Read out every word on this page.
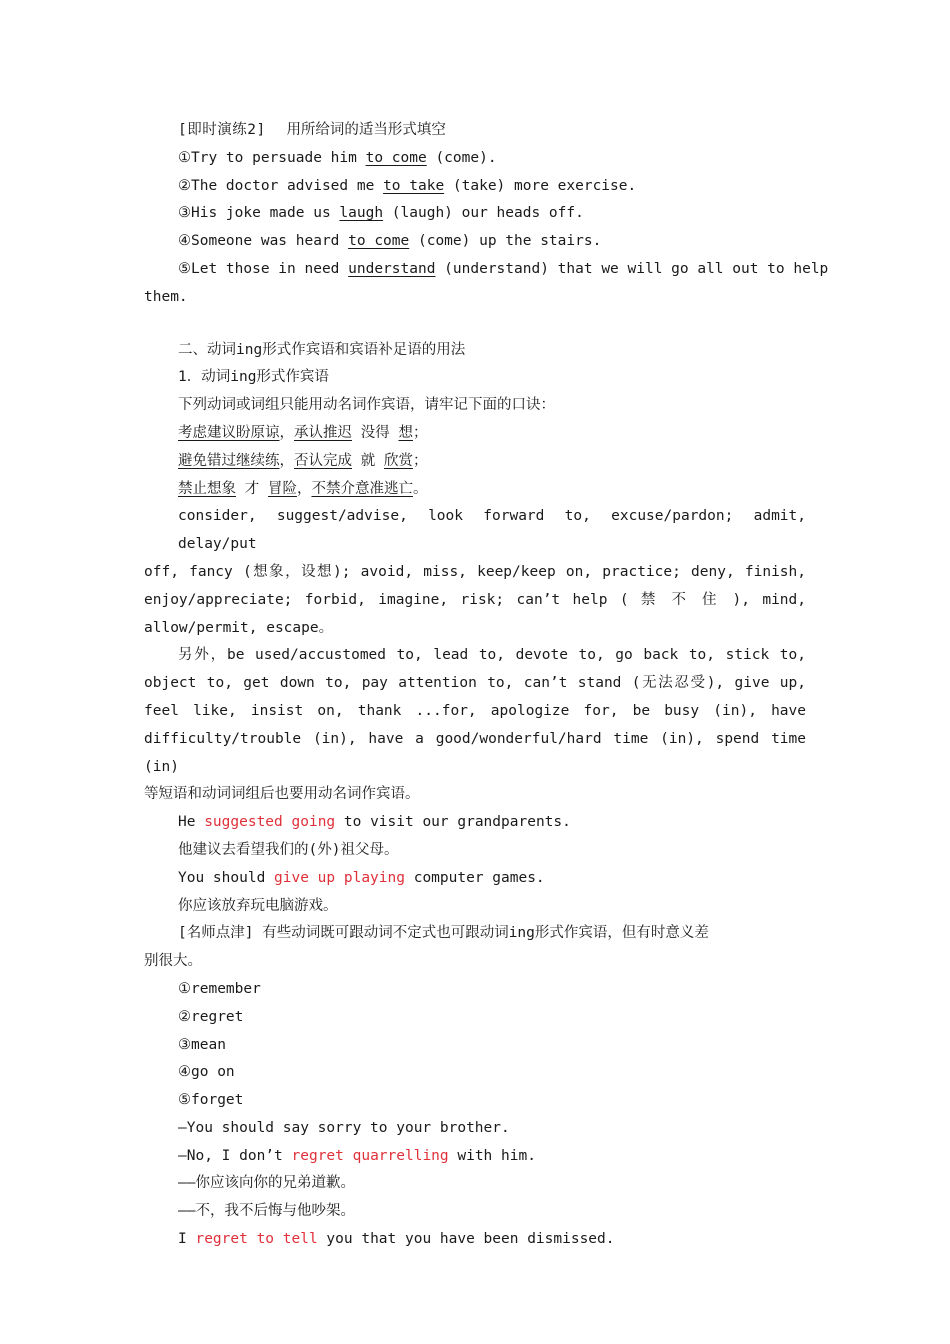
[即时演练2] 用所给词的适当形式填空
①Try to persuade him to come (come).
②The doctor advised me to take (take) more exercise.
③His joke made us laugh (laugh) our heads off.
④Someone was heard to come (come) up the stairs.
⑤Let those in need understand (understand) that we will go all out to help
them.
二、动词ing形式作宾语和宾语补足语的用法
1．动词ing形式作宾语
下列动词或词组只能用动名词作宾语，请牢记下面的口诀：
考虑建议盼原谅，承认推迟 没得 想；
避免错过继续练，否认完成 就 欣赏；
禁止想象 才 冒险，不禁介意准逃亡。
consider, suggest/advise, look forward to, excuse/pardon; admit, delay/put
off, fancy (想象，设想); avoid, miss, keep/keep on, practice; deny, finish,
enjoy/appreciate; forbid, imagine, risk; can’t help ( 禁 不 住 ), mind,
allow/permit, escape。
另外，be used/accustomed to, lead to, devote to, go back to, stick to,
object to, get down to, pay attention to, can’t stand (无法忍受), give up,
feel like, insist on, thank ...for, apologize for, be busy (in), have
difficulty/trouble (in), have a good/wonderful/hard time (in), spend time (in)
等短语和动词词组后也要用动名词作宾语。
He suggested going to visit our grandparents.
他建议去看望我们的(外)祖父母。
You should give up playing computer games.
你应该放弃玩电脑游戏。
[名师点津] 有些动词既可跟动词不定式也可跟动词ing形式作宾语，但有时意义差
别很大。
①remember
②regret
③mean
④go on
⑤forget
—You should say sorry to your brother.
—No, I don’t regret quarrelling with him.
——你应该向你的兄弟道歉。
——不，我不后悔与他吵架。
I regret to tell you that you have been dismissed.
